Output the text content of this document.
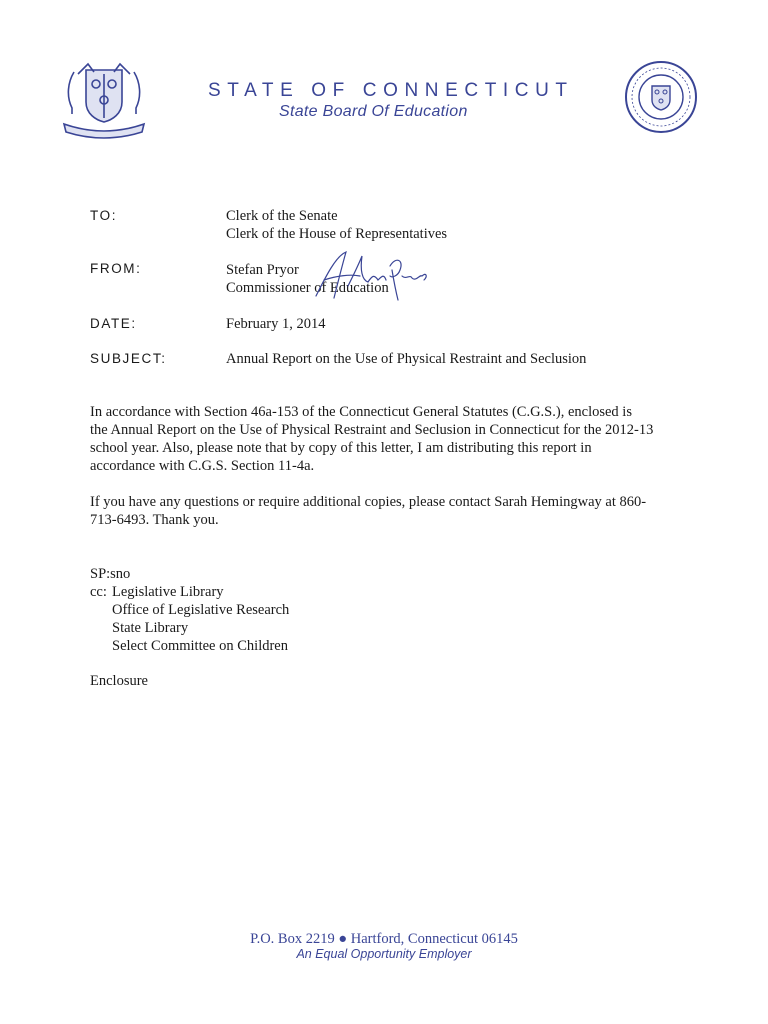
STATE OF CONNECTICUT
State Board Of Education
TO:	Clerk of the Senate
Clerk of the House of Representatives
FROM:	Stefan Pryor
Commissioner of Education
DATE:	February 1, 2014
SUBJECT:	Annual Report on the Use of Physical Restraint and Seclusion
In accordance with Section 46a-153 of the Connecticut General Statutes (C.G.S.), enclosed is
the Annual Report on the Use of Physical Restraint and Seclusion in Connecticut for the 2012-13
school year. Also, please note that by copy of this letter, I am distributing this report in
accordance with C.G.S. Section 11-4a.
If you have any questions or require additional copies, please contact Sarah Hemingway at 860-
713-6493. Thank you.
SP:sno
cc: Legislative Library
Office of Legislative Research
State Library
Select Committee on Children
Enclosure
P.O. Box 2219 ● Hartford, Connecticut 06145
An Equal Opportunity Employer
